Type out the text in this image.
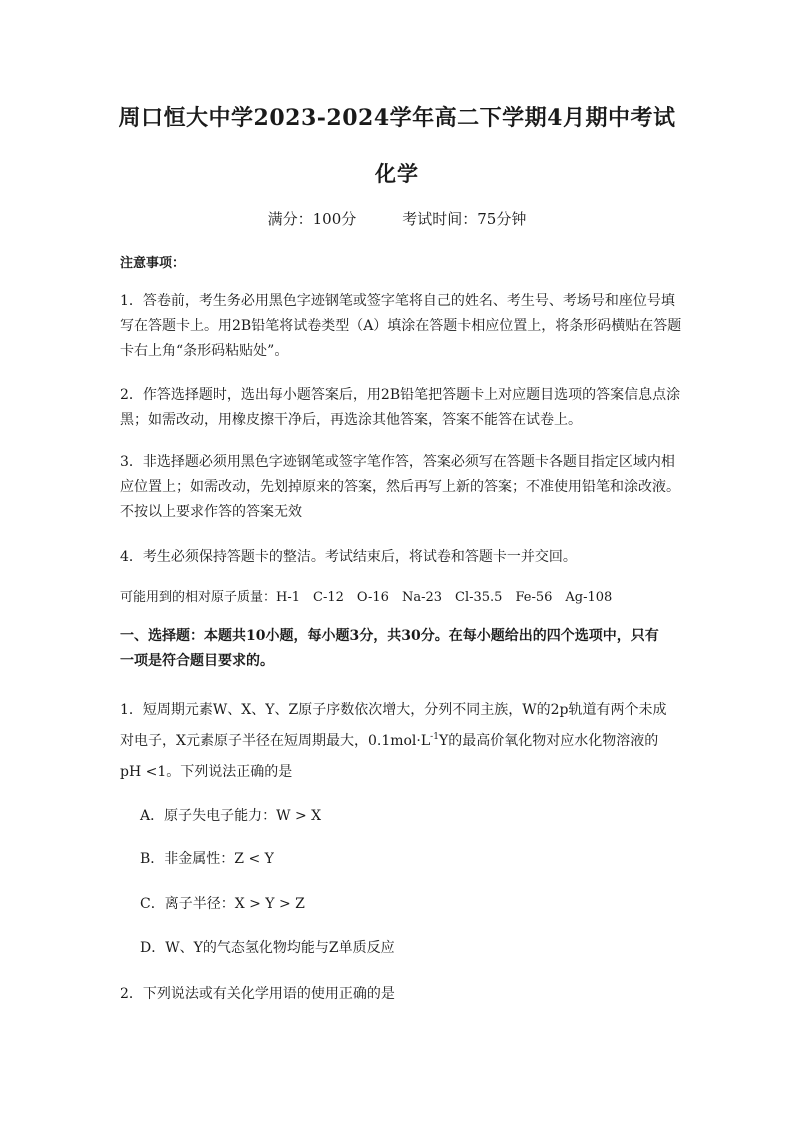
周口恒大中学2023-2024学年高二下学期4月期中考试
化学
满分：100分	考试时间：75分钟
注意事项：
1．答卷前，考生务必用黑色字迹钢笔或签字笔将自己的姓名、考生号、考场号和座位号填
写在答题卡上。用2B铅笔将试卷类型（A）填涂在答题卡相应位置上，将条形码横贴在答题
卡右上角“条形码粘贴处”。
2．作答选择题时，选出每小题答案后，用2B铅笔把答题卡上对应题目选项的答案信息点涂
黑；如需改动，用橡皮擦干净后，再选涂其他答案，答案不能答在试卷上。
3．非选择题必须用黑色字迹钢笔或签字笔作答，答案必须写在答题卡各题目指定区域内相
应位置上；如需改动，先划掉原来的答案，然后再写上新的答案；不准使用铅笔和涂改液。
不按以上要求作答的答案无效
4．考生必须保持答题卡的整洁。考试结束后，将试卷和答题卡一并交回。
可能用到的相对原子质量：H-1　C-12　O-16　Na-23　Cl-35.5　Fe-56　Ag-108
一、选择题：本题共10小题，每小题3分，共30分。在每小题给出的四个选项中，只有
一项是符合题目要求的。
1．短周期元素W、X、Y、Z原子序数依次增大，分列不同主族，W的2p轨道有两个未成
对电子，X元素原子半径在短周期最大，$0.1mol\cdot L^{-1}Y$的最高价氧化物对应水化物溶液的
pH <1。下列说法正确的是
A．原子失电子能力：W > X
B．非金属性：Z < Y
C．离子半径：X > Y > Z
D．W、Y的气态氢化物均能与Z单质反应
2．下列说法或有关化学用语的使用正确的是
